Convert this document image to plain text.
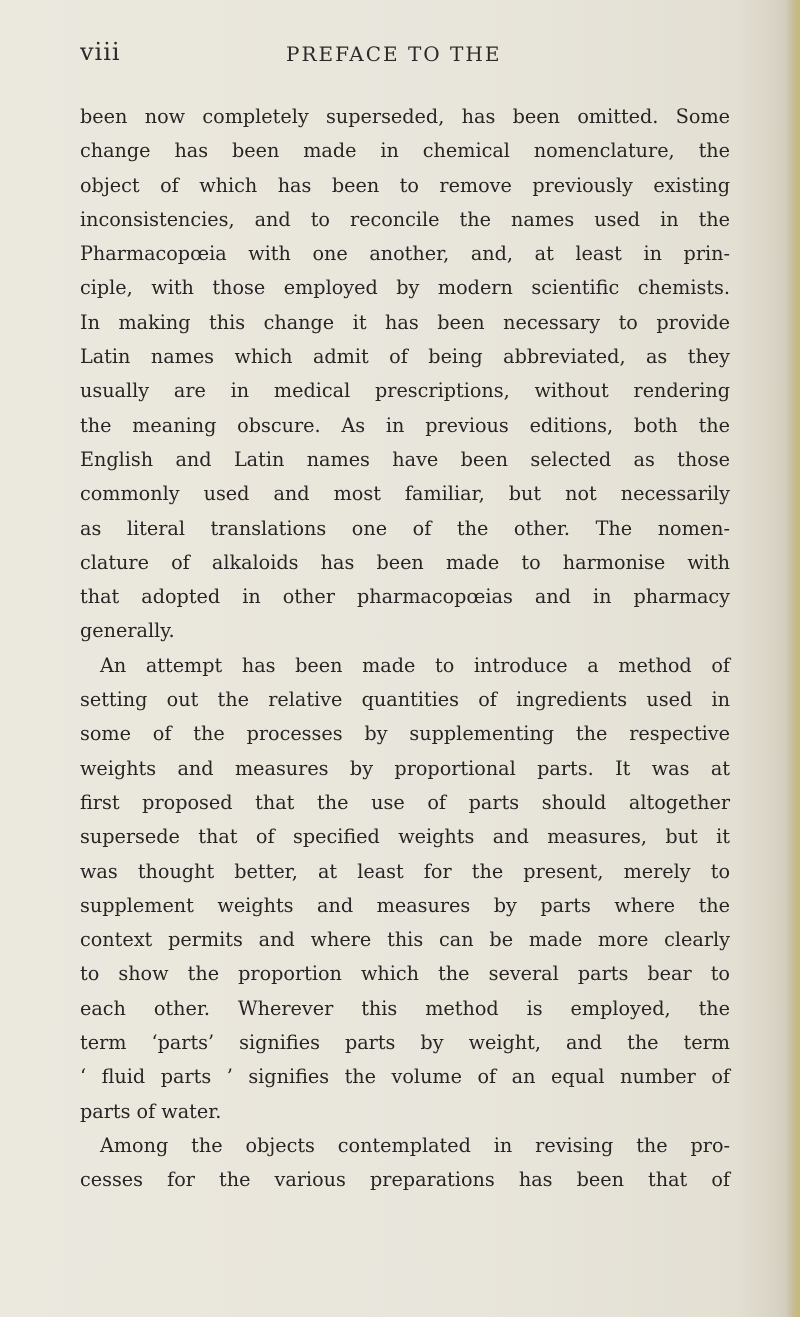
viii	PREFACE TO THE
been now completely superseded, has been omitted. Some
change has been made in chemical nomenclature, the
object of which has been to remove previously existing
inconsistencies, and to reconcile the names used in the
Pharmacopœia with one another, and, at least in prin-
ciple, with those employed by modern scientific chemists.
In making this change it has been necessary to provide
Latin names which admit of being abbreviated, as they
usually are in medical prescriptions, without rendering
the meaning obscure. As in previous editions, both the
English and Latin names have been selected as those
commonly used and most familiar, but not necessarily
as literal translations one of the other. The nomen-
clature of alkaloids has been made to harmonise with
that adopted in other pharmacopœias and in pharmacy
generally.
An attempt has been made to introduce a method of
setting out the relative quantities of ingredients used in
some of the processes by supplementing the respective
weights and measures by proportional parts. It was at
first proposed that the use of parts should altogether
supersede that of specified weights and measures, but it
was thought better, at least for the present, merely to
supplement weights and measures by parts where the
context permits and where this can be made more clearly
to show the proportion which the several parts bear to
each other. Wherever this method is employed, the
term ‘parts’ signifies parts by weight, and the term
‘ fluid parts ’ signifies the volume of an equal number of
parts of water.
Among the objects contemplated in revising the pro-
cesses for the various preparations has been that of
